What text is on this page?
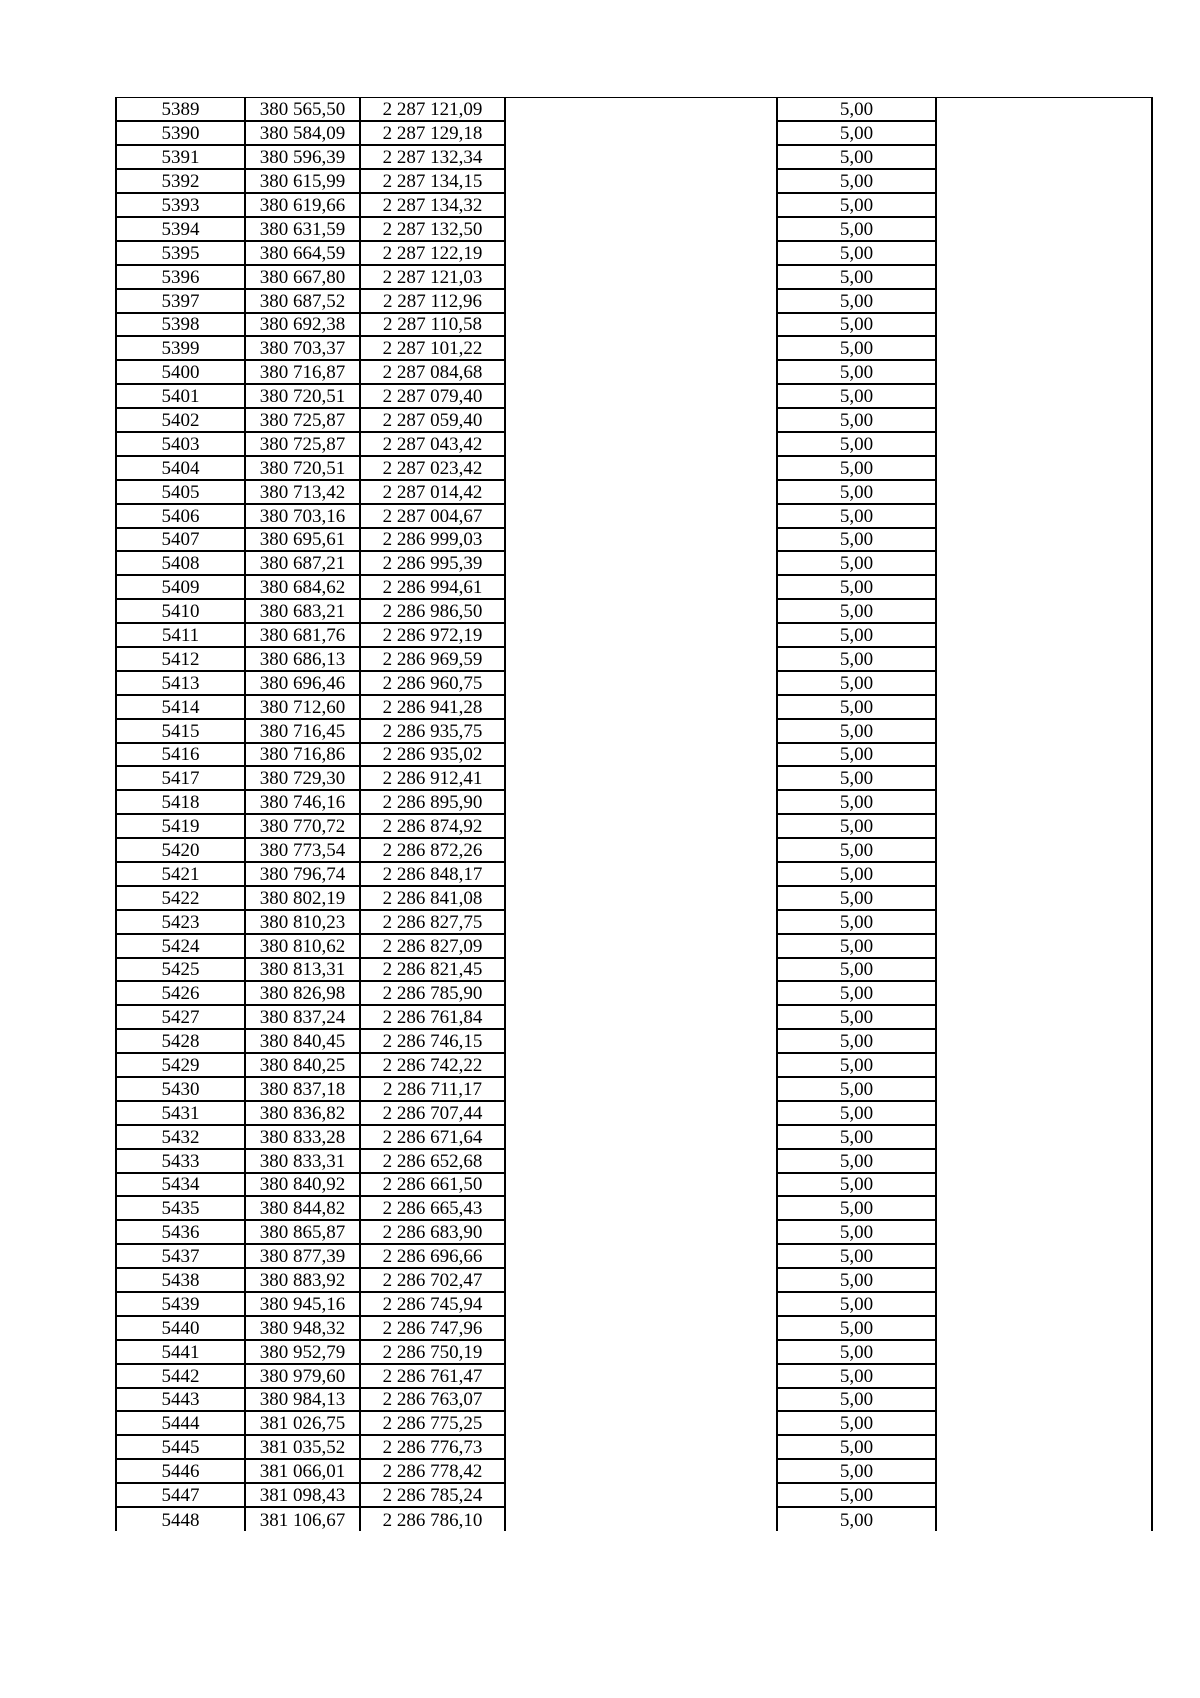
5389	380 565,50	2 287 121,09		5,00	
5390	380 584,09	2 287 129,18		5,00	
5391	380 596,39	2 287 132,34		5,00	
5392	380 615,99	2 287 134,15		5,00	
5393	380 619,66	2 287 134,32		5,00	
5394	380 631,59	2 287 132,50		5,00	
5395	380 664,59	2 287 122,19		5,00	
5396	380 667,80	2 287 121,03		5,00	
5397	380 687,52	2 287 112,96		5,00	
5398	380 692,38	2 287 110,58		5,00	
5399	380 703,37	2 287 101,22		5,00	
5400	380 716,87	2 287 084,68		5,00	
5401	380 720,51	2 287 079,40		5,00	
5402	380 725,87	2 287 059,40		5,00	
5403	380 725,87	2 287 043,42		5,00	
5404	380 720,51	2 287 023,42		5,00	
5405	380 713,42	2 287 014,42		5,00	
5406	380 703,16	2 287 004,67		5,00	
5407	380 695,61	2 286 999,03		5,00	
5408	380 687,21	2 286 995,39		5,00	
5409	380 684,62	2 286 994,61		5,00	
5410	380 683,21	2 286 986,50		5,00	
5411	380 681,76	2 286 972,19		5,00	
5412	380 686,13	2 286 969,59		5,00	
5413	380 696,46	2 286 960,75		5,00	
5414	380 712,60	2 286 941,28		5,00	
5415	380 716,45	2 286 935,75		5,00	
5416	380 716,86	2 286 935,02		5,00	
5417	380 729,30	2 286 912,41		5,00	
5418	380 746,16	2 286 895,90		5,00	
5419	380 770,72	2 286 874,92		5,00	
5420	380 773,54	2 286 872,26		5,00	
5421	380 796,74	2 286 848,17		5,00	
5422	380 802,19	2 286 841,08		5,00	
5423	380 810,23	2 286 827,75		5,00	
5424	380 810,62	2 286 827,09		5,00	
5425	380 813,31	2 286 821,45		5,00	
5426	380 826,98	2 286 785,90		5,00	
5427	380 837,24	2 286 761,84		5,00	
5428	380 840,45	2 286 746,15		5,00	
5429	380 840,25	2 286 742,22		5,00	
5430	380 837,18	2 286 711,17		5,00	
5431	380 836,82	2 286 707,44		5,00	
5432	380 833,28	2 286 671,64		5,00	
5433	380 833,31	2 286 652,68		5,00	
5434	380 840,92	2 286 661,50		5,00	
5435	380 844,82	2 286 665,43		5,00	
5436	380 865,87	2 286 683,90		5,00	
5437	380 877,39	2 286 696,66		5,00	
5438	380 883,92	2 286 702,47		5,00	
5439	380 945,16	2 286 745,94		5,00	
5440	380 948,32	2 286 747,96		5,00	
5441	380 952,79	2 286 750,19		5,00	
5442	380 979,60	2 286 761,47		5,00	
5443	380 984,13	2 286 763,07		5,00	
5444	381 026,75	2 286 775,25		5,00	
5445	381 035,52	2 286 776,73		5,00	
5446	381 066,01	2 286 778,42		5,00	
5447	381 098,43	2 286 785,24		5,00	
5448	381 106,67	2 286 786,10		5,00	
